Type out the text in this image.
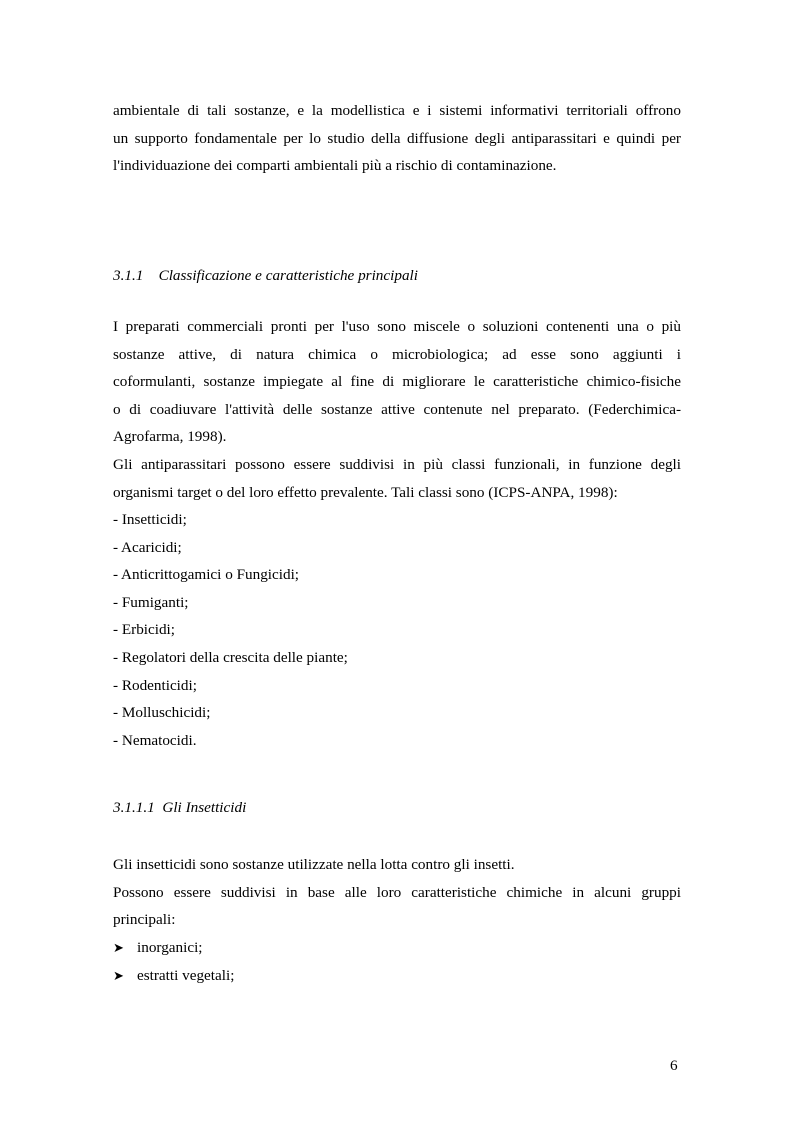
ambientale di tali sostanze, e la modellistica e i sistemi informativi territoriali offrono
un supporto fondamentale per lo studio della diffusione degli antiparassitari e quindi per
l'individuazione dei comparti ambientali più a rischio di contaminazione.

3.1.1 Classificazione e caratteristiche principali

I preparati commerciali pronti per l'uso sono miscele o soluzioni contenenti una o più
sostanze attive, di natura chimica o microbiologica; ad esse sono aggiunti i
coformulanti, sostanze impiegate al fine di migliorare le caratteristiche chimico-fisiche
o di coadiuvare l'attività delle sostanze attive contenute nel preparato. (Federchimica-
Agrofarma, 1998).

Gli antiparassitari possono essere suddivisi in più classi funzionali, in funzione degli
organismi target o del loro effetto prevalente. Tali classi sono (ICPS-ANPA, 1998):

- Insetticidi;
- Acaricidi;
- Anticrittogamici o Fungicidi;
- Fumiganti;
- Erbicidi;
- Regolatori della crescita delle piante;
- Rodenticidi;
- Molluschicidi;
- Nematocidi.
3.1.1.1 Gli Insetticidi

Gli insetticidi sono sostanze utilizzate nella lotta contro gli insetti.
Possono essere suddivisi in base alle loro caratteristiche chimiche in alcuni gruppi
principali:

➤ inorganici;
➤ estratti vegetali;
6
